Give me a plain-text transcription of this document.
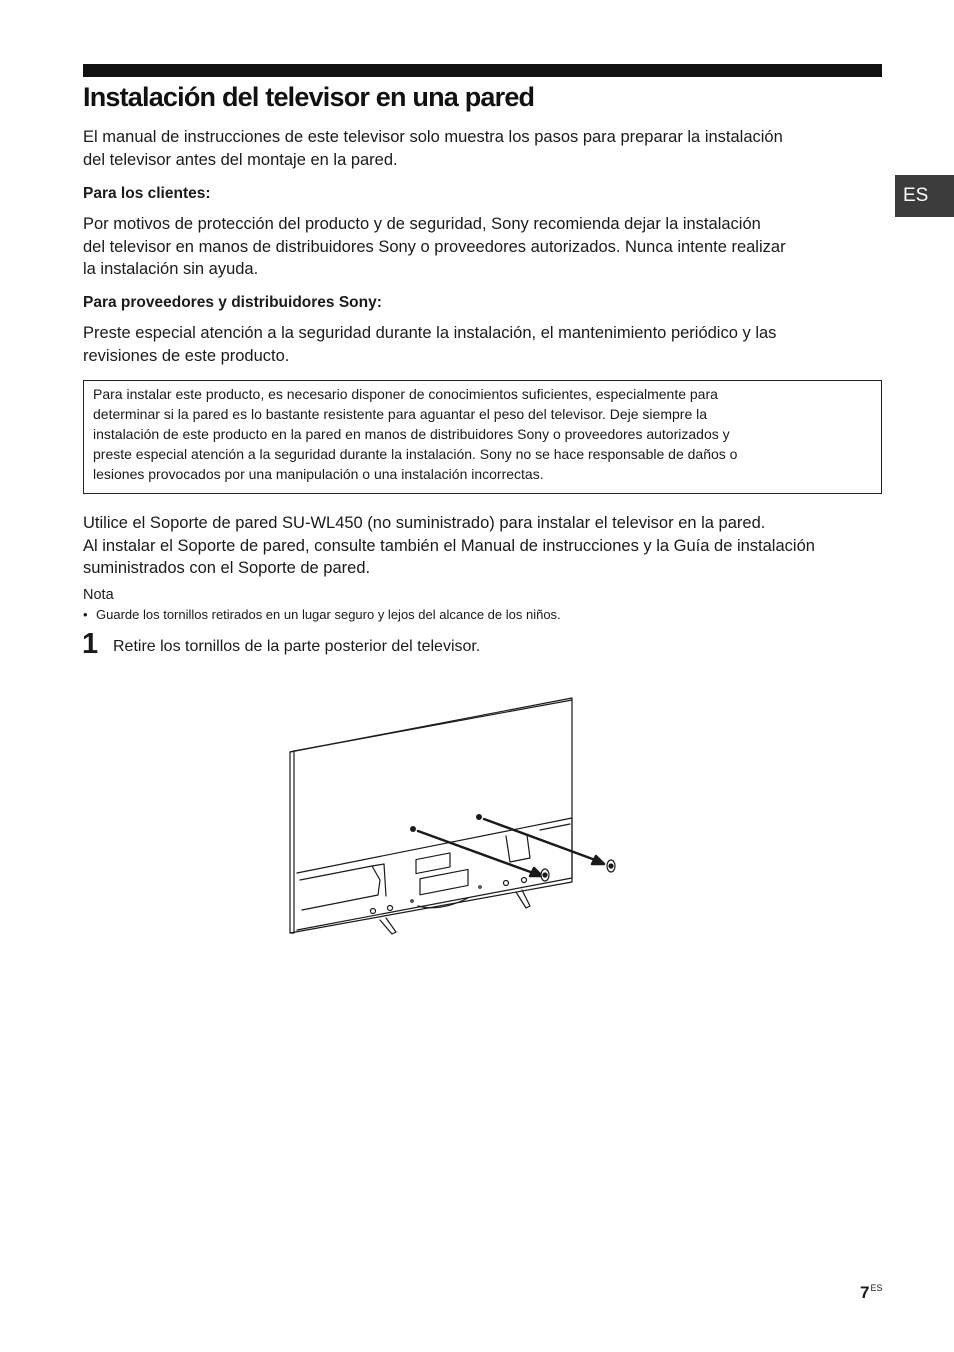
Instalación del televisor en una pared
ES

El manual de instrucciones de este televisor solo muestra los pasos para preparar la instalación
del televisor antes del montaje en la pared.

Para los clientes:

Por motivos de protección del producto y de seguridad, Sony recomienda dejar la instalación
del televisor en manos de distribuidores Sony o proveedores autorizados. Nunca intente realizar
la instalación sin ayuda.

Para proveedores y distribuidores Sony:

Preste especial atención a la seguridad durante la instalación, el mantenimiento periódico y las
revisiones de este producto.

Para instalar este producto, es necesario disponer de conocimientos suficientes, especialmente para
determinar si la pared es lo bastante resistente para aguantar el peso del televisor. Deje siempre la
instalación de este producto en la pared en manos de distribuidores Sony o proveedores autorizados y
preste especial atención a la seguridad durante la instalación. Sony no se hace responsable de daños o
lesiones provocados por una manipulación o una instalación incorrectas.

Utilice el Soporte de pared SU-WL450 (no suministrado) para instalar el televisor en la pared.
Al instalar el Soporte de pared, consulte también el Manual de instrucciones y la Guía de instalación
suministrados con el Soporte de pared.

Nota

• Guarde los tornillos retirados en un lugar seguro y lejos del alcance de los niños.

1 Retire los tornillos de la parte posterior del televisor.

$7^{ES}$
